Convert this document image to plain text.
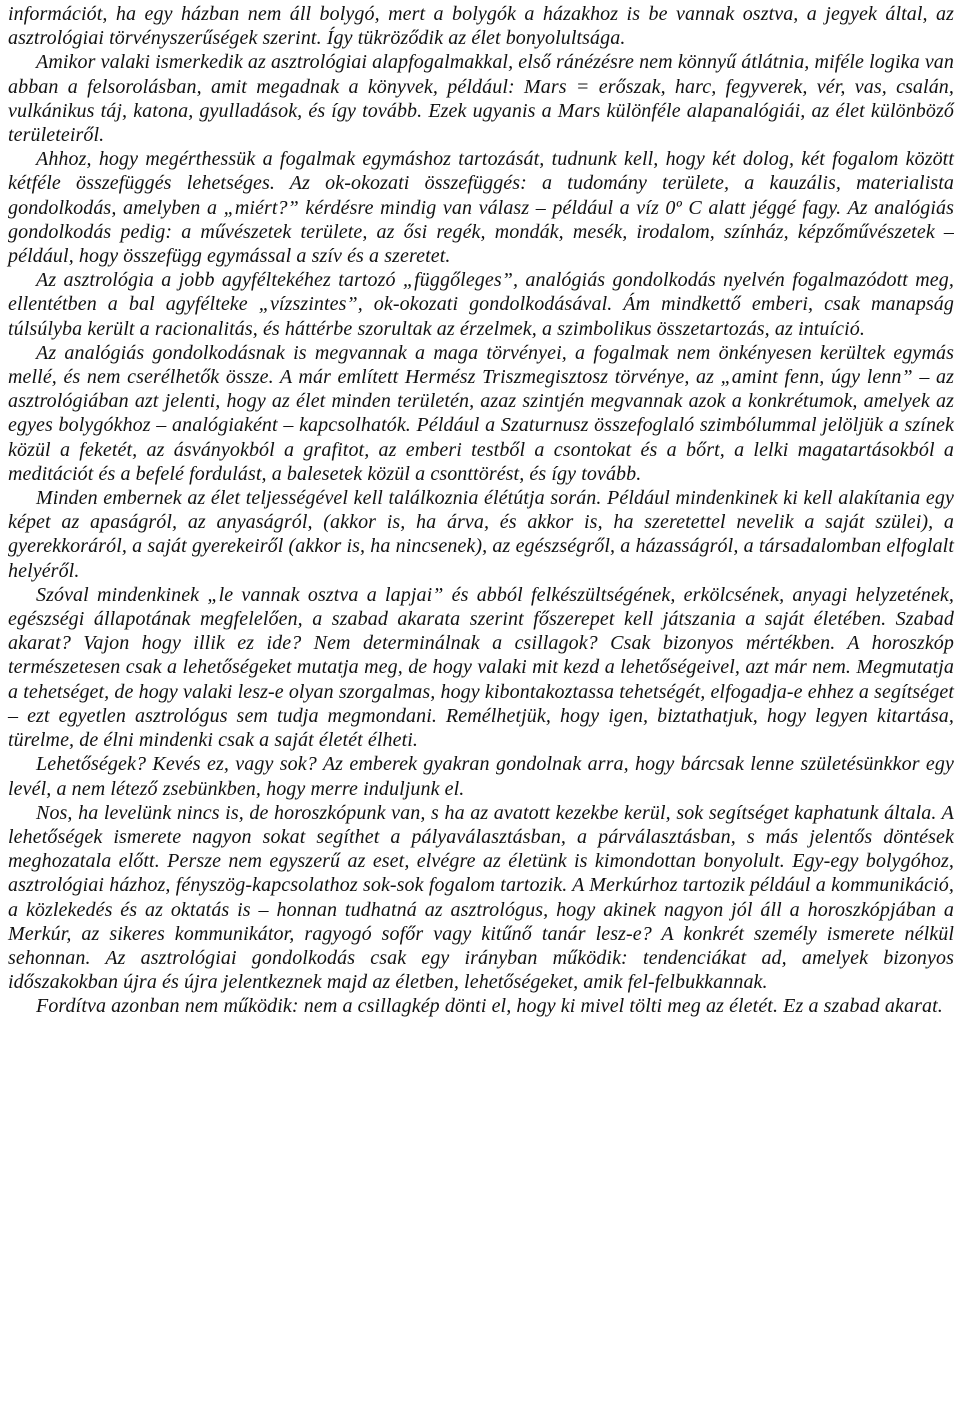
információt, ha egy házban nem áll bolygó, mert a bolygók a házakhoz is be vannak osztva, a jegyek által, az asztrológiai törvényszerűségek szerint. Így tükröződik az élet bonyolultsága.

Amikor valaki ismerkedik az asztrológiai alapfogalmakkal, első ránézésre nem könnyű átlátnia, miféle logika van abban a felsorolásban, amit megadnak a könyvek, például: Mars = erőszak, harc, fegyverek, vér, vas, csalán, vulkánikus táj, katona, gyulladások, és így tovább. Ezek ugyanis a Mars különféle alapanalógiái, az élet különböző területeiről.

Ahhoz, hogy megérthessük a fogalmak egymáshoz tartozását, tudnunk kell, hogy két dolog, két fogalom között kétféle összefüggés lehetséges. Az ok-okozati összefüggés: a tudomány területe, a kauzális, materialista gondolkodás, amelyben a „miért?” kérdésre mindig van válasz – például a víz 0º C alatt jéggé fagy. Az analógiás gondolkodás pedig: a művészetek területe, az ősi regék, mondák, mesék, irodalom, színház, képzőművészetek – például, hogy összefügg egymással a szív és a szeretet.

Az asztrológia a jobb agyféltekéhez tartozó „függőleges”, analógiás gondolkodás nyelvén fogalmazódott meg, ellentétben a bal agyfélteke „vízszintes”, ok-okozati gondolkodásával. Ám mindkettő emberi, csak manapság túlsúlyba került a racionalitás, és háttérbe szorultak az érzelmek, a szimbolikus összetartozás, az intuíció.

Az analógiás gondolkodásnak is megvannak a maga törvényei, a fogalmak nem önkényesen kerültek egymás mellé, és nem cserélhetők össze. A már említett Hermész Triszmegisztosz törvénye, az „amint fenn, úgy lenn” – az asztrológiában azt jelenti, hogy az élet minden területén, azaz szintjén megvannak azok a konkrétumok, amelyek az egyes bolygókhoz – analógiaként – kapcsolhatók. Például a Szaturnusz összefoglaló szimbólummal jelöljük a színek közül a feketét, az ásványokból a grafitot, az emberi testből a csontokat és a bőrt, a lelki magatartásokból a meditációt és a befelé fordulást, a balesetek közül a csonttörést, és így tovább.

Minden embernek az élet teljességével kell találkoznia élétútja során. Például mindenkinek ki kell alakítania egy képet az apaságról, az anyaságról, (akkor is, ha árva, és akkor is, ha szeretettel nevelik a saját szülei), a gyerekkoráról, a saját gyerekeiről (akkor is, ha nincsenek), az egészségről, a házasságról, a társadalomban elfoglalt helyéről.

Szóval mindenkinek „le vannak osztva a lapjai” és abból felkészültségének, erkölcsének, anyagi helyzetének, egészségi állapotának megfelelően, a szabad akarata szerint főszerepet kell játszania a saját életében. Szabad akarat? Vajon hogy illik ez ide? Nem determinálnak a csillagok? Csak bizonyos mértékben. A horoszkóp természetesen csak a lehetőségeket mutatja meg, de hogy valaki mit kezd a lehetőségeivel, azt már nem. Megmutatja a tehetséget, de hogy valaki lesz-e olyan szorgalmas, hogy kibontakoztassa tehetségét, elfogadja-e ehhez a segítséget – ezt egyetlen asztrológus sem tudja megmondani. Remélhetjük, hogy igen, biztathatjuk, hogy legyen kitartása, türelme, de élni mindenki csak a saját életét élheti.

Lehetőségek? Kevés ez, vagy sok? Az emberek gyakran gondolnak arra, hogy bárcsak lenne születésünkkor egy levél, a nem létező zsebünkben, hogy merre induljunk el.

Nos, ha levelünk nincs is, de horoszkópunk van, s ha az avatott kezekbe kerül, sok segítséget kaphatunk általa. A lehetőségek ismerete nagyon sokat segíthet a pályaválasztásban, a párválasztásban, s más jelentős döntések meghozatala előtt. Persze nem egyszerű az eset, elvégre az életünk is kimondottan bonyolult. Egy-egy bolygóhoz, asztrológiai házhoz, fényszög-kapcsolathoz sok-sok fogalom tartozik. A Merkúrhoz tartozik például a kommunikáció, a közlekedés és az oktatás is – honnan tudhatná az asztrológus, hogy akinek nagyon jól áll a horoszkópjában a Merkúr, az sikeres kommunikátor, ragyogó sofőr vagy kitűnő tanár lesz-e? A konkrét személy ismerete nélkül sehonnan. Az asztrológiai gondolkodás csak egy irányban működik: tendenciákat ad, amelyek bizonyos időszakokban újra és újra jelentkeznek majd az életben, lehetőségeket, amik fel-felbukkannak.

Fordítva azonban nem működik: nem a csillagkép dönti el, hogy ki mivel tölti meg az életét. Ez a szabad akarat.
